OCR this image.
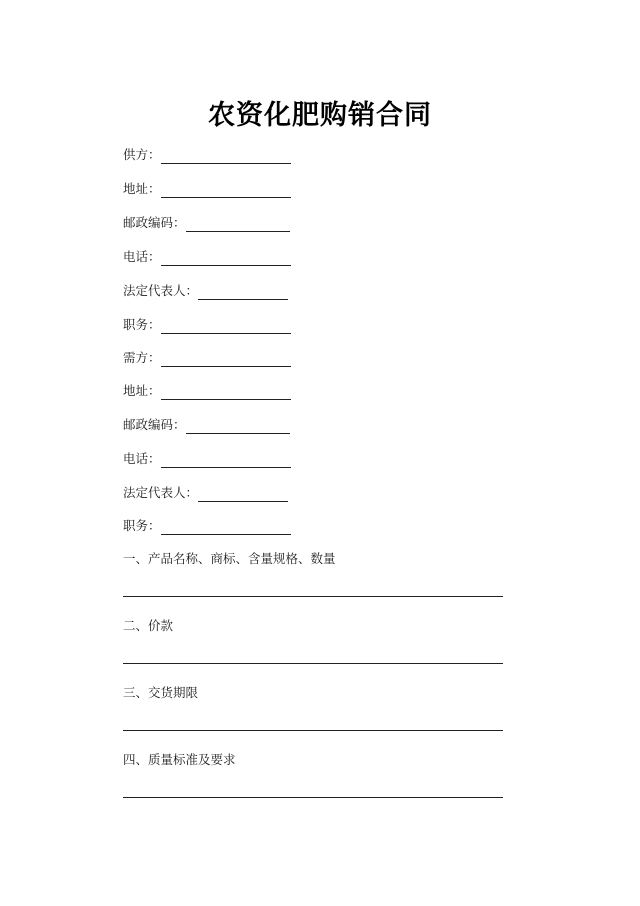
农资化肥购销合同
供方：
地址：
邮政编码：
电话：
法定代表人：
职务：
需方：
地址：
邮政编码：
电话：
法定代表人：
职务：
一、产品名称、商标、含量规格、数量
二、价款
三、交货期限
四、质量标准及要求
